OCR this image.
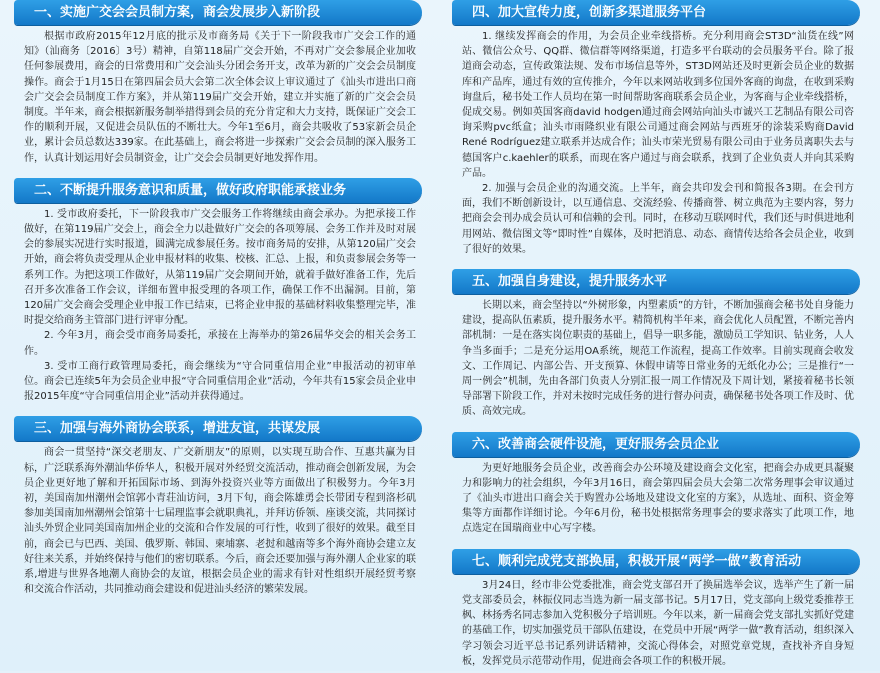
一、实施广交会会员制方案，商会发展步入新阶段

根据市政府2015年12月底的批示及市商务局《关于下一阶段我市广交会工作的通知》（汕商务〔2016〕3号）精神，自第118届广交会开始，不再对广交会参展企业加收任何参展费用，商会的日常费用和广交会汕头分团会务开支，改革为新的广交会会员制度操作。商会于1月15日在第四届会员大会第二次全体会议上审议通过了《汕头市进出口商会广交会会员制度工作方案》，并从第119届广交会开始，建立并实施了新的广交会会员制度。半年来，商会根据新服务制举措得到会员的充分肯定和大力支持，既保证广交会工作的顺利开展，又促进会员队伍的不断壮大。今年1至6月，商会共吸收了53家新会员企业，累计会员总数达339家。在此基础上，商会将进一步探索广交会会员制的深入服务工作，认真计划运用好会员制资金，让广交会会员制更好地发挥作用。

二、不断提升服务意识和质量，做好政府职能承接业务

1. 受市政府委托，下一阶段我市广交会服务工作将继续由商会承办。为把承接工作做好，在第119届广交会上，商会全力以赴做好广交会的各项筹展、会务工作并及时对展会的参展实况进行实时报道，圆满完成参展任务。按市商务局的安排，从第120届广交会开始，商会将负责受理从企业申报材料的收集、校核、汇总、上报，和负责参展会务等一系列工作。为把这项工作做好，从第119届广交会期间开始，就着手做好准备工作，先后召开多次准备工作会议，详细布置申报受理的各项工作，确保工作不出漏洞。目前，第120届广交会商会受理企业申报工作已结束，已将企业申报的基础材料收集整理完毕，准时提交给商务主管部门进行评审分配。

2. 今年3月，商会受市商务局委托，承接在上海举办的第26届华交会的相关会务工作。

3. 受市工商行政管理局委托，商会继续为“守合同重信用企业”申报活动的初审单位。商会已连续5年为会员企业申报“守合同重信用企业”活动，今年共有15家会员企业申报2015年度“守合同重信用企业”活动并获得通过。

三、加强与海外商协会联系，增进友谊，共谋发展

商会一贯坚持“深交老朋友、广交新朋友”的原则，以实现互助合作、互惠共赢为目标，广泛联系海外潮汕华侨华人，积极开展对外经贸交流活动，推动商会创新发展，为会员企业更好地了解和开拓国际市场、到海外投资兴业等方面做出了积极努力。今年3月初，美国南加州潮州会馆郭小青荘汕访问，3月下旬，商会陈雄勇会长带团专程到洛杉矶参加美国南加州潮州会馆第十七届理监事会就职典礼，并拜访侨领、座谈交流，共同探讨汕头外贸企业同美国南加州企业的交流和合作发展的可行性，收到了很好的效果。截至目前，商会已与巴西、美国、俄罗斯、韩国、柬埔寨、老挝和越南等多个海外商协会建立友好往来关系，并始终保持与他们的密切联系。今后，商会还要加强与海外潮人企业家的联系,增进与世界各地潮人商协会的友谊，根据会员企业的需求有针对性组织开展经贸考察和交流合作活动，共同推动商会建设和促进汕头经济的繁荣发展。

四、加大宣传力度，创新多渠道服务平台

1. 继续发挥商会的作用，为会员企业牵线搭桥。充分利用商会ST3D“汕货在线”网站、微信公众号、QQ群、微信群等网络渠道，打造多平台联动的会员服务平台。除了报道商会动态，宣传政策法规、发布市场信息等外，ST3D网站还及时更新会员企业的数据库和产品库，通过有效的宣传推介，今年以来网站收到多位国外客商的询盘，在收到采购询盘后，秘书处工作人员均在第一时间帮助客商联系会员企业，为客商与企业牵线搭桥，促成交易。例如英国客商david hodgen通过商会网站向汕头市诚兴工艺制品有限公司咨询采购pvc纸盒；汕头市雨隆织业有限公司通过商会网站与西班牙的涂装采购商David René Rodríguez建立联系并达成合作；汕头市荣光贸易有限公司由于业务员离职失去与德国客户c.kaehler的联系，而现在客户通过与商会联系，找到了企业负责人并向其采购产品。

2. 加强与会员企业的沟通交流。上半年，商会共印发会刊和简报各3期。在会刊方面，我们不断创新设计，以互通信息、交流经验、传播商誉、树立典范为主要内容，努力把商会会刊办成会员认可和信赖的会刊。同时，在移动互联网时代，我们还与时俱进地利用网站、微信图文等“即时性”自媒体，及时把消息、动态、商情传达给各会员企业，收到了很好的效果。

五、加强自身建设，提升服务水平

长期以来，商会坚持以“外树形象，内塑素质”的方针，不断加强商会秘书处自身能力建设，提高队伍素质，提升服务水平。精简机构半年来，商会优化人员配置，不断完善内部机制：一是在落实岗位职责的基础上，倡导一职多能，激励员工学知识、钻业务，人人争当多面手；二是充分运用OA系统，规范工作流程，提高工作效率。目前实现商会收发文、工作周记、内部公告、开支预算、休假申请等日常业务的无纸化办公；三是推行“一周一例会”机制，先由各部门负责人分别汇报一周工作情况及下周计划，紧接着秘书长领导部署下阶段工作，并对未按时完成任务的进行督办问责，确保秘书处各项工作及时、优质、高效完成。

六、改善商会硬件设施，更好服务会员企业

为更好地服务会员企业，改善商会办公环境及建设商会文化室，把商会办成更具凝聚力和影响力的社会组织，今年3月16日，商会第四届会员大会第二次常务理事会审议通过了《汕头市进出口商会关于购置办公场地及建设文化室的方案》，从选址、面积、资金筹集等方面都作详细讨论。今年6月份，秘书处根据常务理事会的要求落实了此项工作，地点选定在国瑞商业中心写字楼。

七、顺利完成党支部换届，积极开展“两学一做”教育活动

3月24日，经市非公党委批准，商会党支部召开了换届选举会议，选举产生了新一届党支部委员会，林振仪同志当选为新一届支部书记。5月17日，党支部向上级党委推荐王枫、林扬秀名同志参加入党积极分子培训班。今年以来，新一届商会党支部扎实抓好党建的基础工作，切实加强党员干部队伍建设，在党员中开展“两学一做”教育活动，组织深入学习领会习近平总书记系列讲话精神，交流心得体会，对照党章党规，查找补齐自身短板，发挥党员示范带动作用，促进商会各项工作的积极开展。
